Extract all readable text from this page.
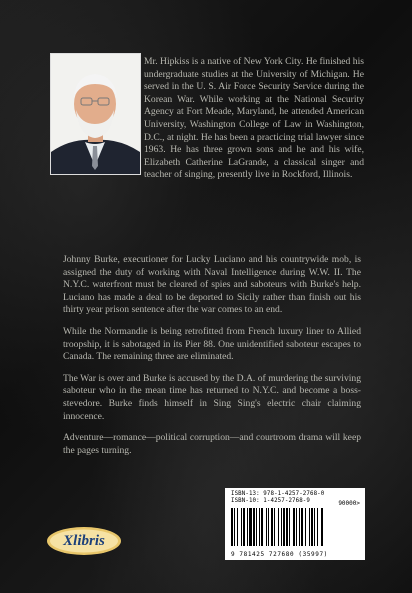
Mr. Hipkiss is a native of New York City. He finished his undergraduate studies at the University of Michigan. He served in the U. S. Air Force Security Service during the Korean War. While working at the National Security Agency at Fort Meade, Maryland, he attended American University, Washington College of Law in Washington, D.C., at night. He has been a practicing trial lawyer since 1963. He has three grown sons and he and his wife, Elizabeth Catherine LaGrande, a classical singer and teacher of singing, presently live in Rockford, Illinois.

Johnny Burke, executioner for Lucky Luciano and his countrywide mob, is assigned the duty of working with Naval Intelligence during W.W. II. The N.Y.C. waterfront must be cleared of spies and saboteurs with Burke's help. Luciano has made a deal to be deported to Sicily rather than finish out his thirty year prison sentence after the war comes to an end.

While the Normandie is being retrofitted from French luxury liner to Allied troopship, it is sabotaged in its Pier 88. One unidentified saboteur escapes to Canada. The remaining three are eliminated.

The War is over and Burke is accused by the D.A. of murdering the surviving saboteur who in the mean time has returned to N.Y.C. and become a boss-stevedore. Burke finds himself in Sing Sing's electric chair claiming innocence.

Adventure—romance—political corruption—and courtroom drama will keep the pages turning.

Xlibris
ISBN-13: 978-1-4257-2768-0
ISBN-10: 1-4257-2768-9	90000>
9 781425 727680 (35997)
